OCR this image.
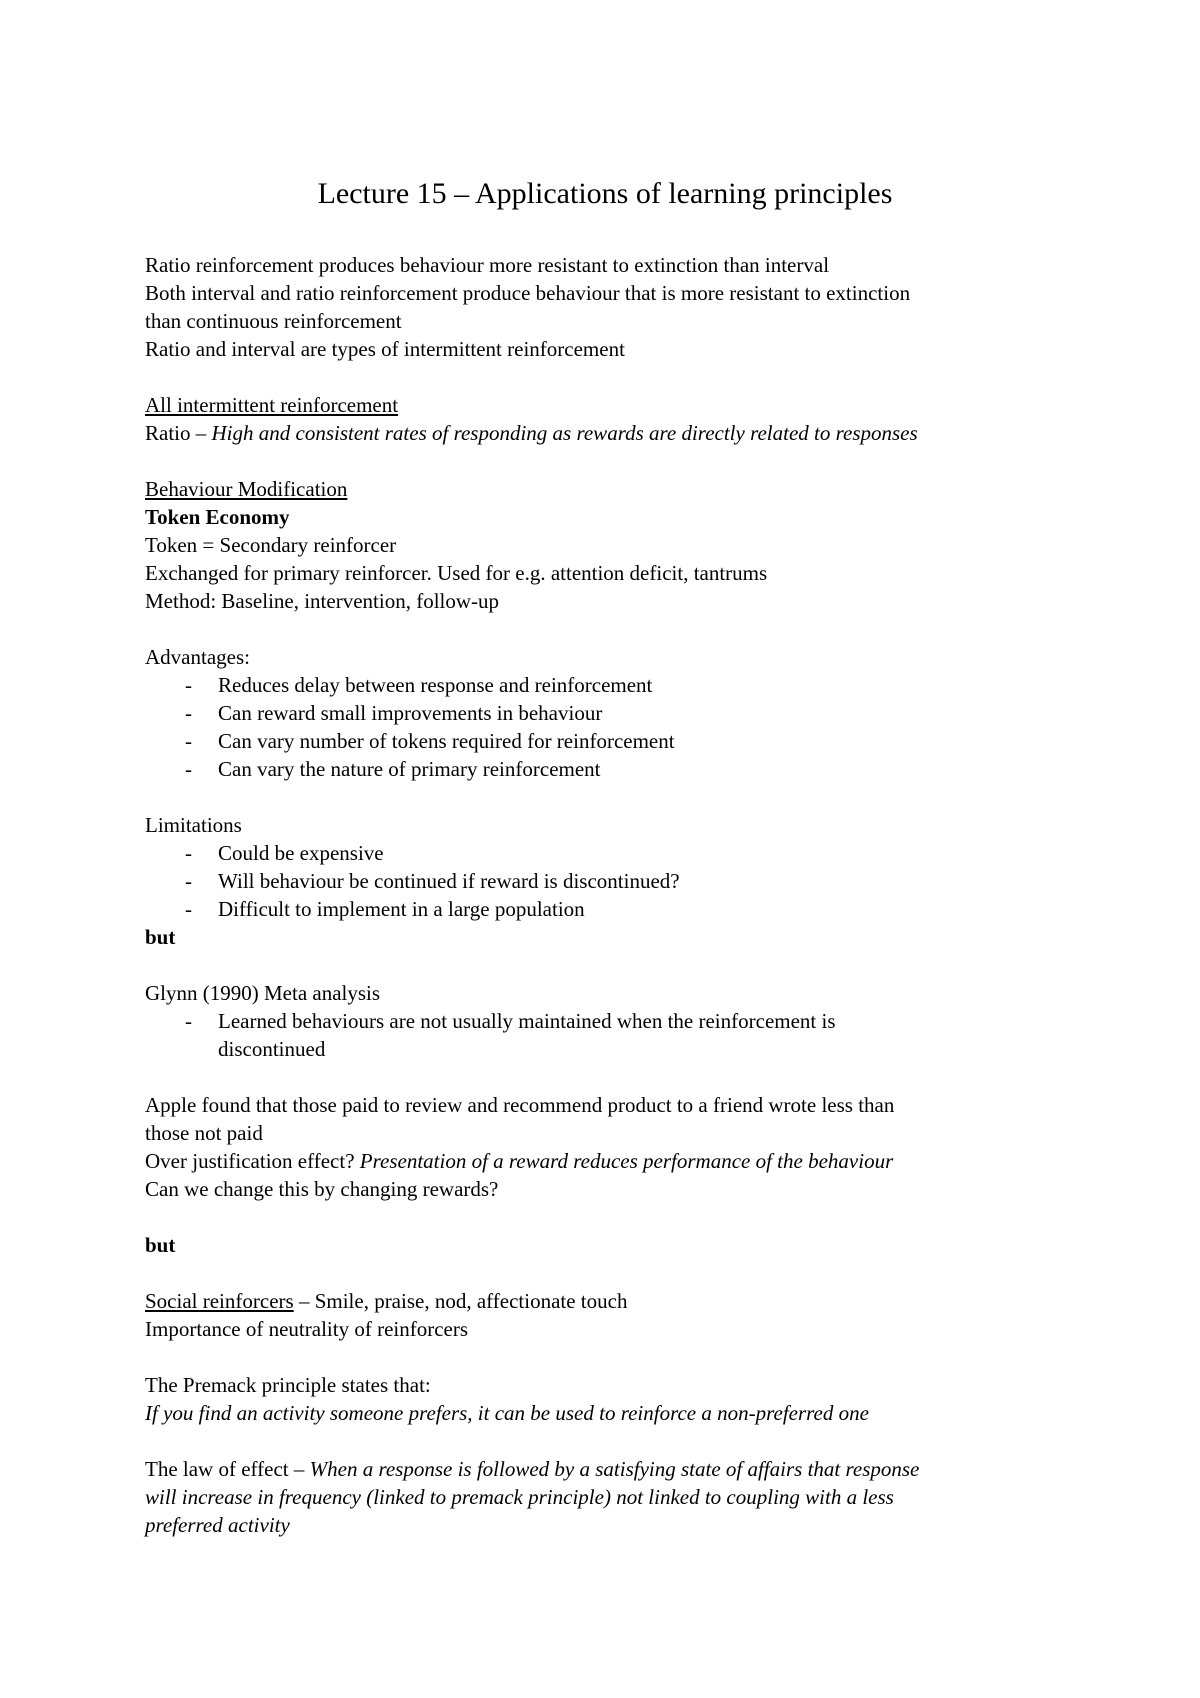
Lecture 15 – Applications of learning principles
Ratio reinforcement produces behaviour more resistant to extinction than interval
Both interval and ratio reinforcement produce behaviour that is more resistant to extinction
than continuous reinforcement
Ratio and interval are types of intermittent reinforcement
All intermittent reinforcement
Ratio – High and consistent rates of responding as rewards are directly related to responses
Behaviour Modification
Token Economy
Token = Secondary reinforcer
Exchanged for primary reinforcer. Used for e.g. attention deficit, tantrums
Method: Baseline, intervention, follow-up
Advantages:
- Reduces delay between response and reinforcement
- Can reward small improvements in behaviour
- Can vary number of tokens required for reinforcement
- Can vary the nature of primary reinforcement
Limitations
- Could be expensive
- Will behaviour be continued if reward is discontinued?
- Difficult to implement in a large population
but
Glynn (1990) Meta analysis
- Learned behaviours are not usually maintained when the reinforcement is
discontinued
Apple found that those paid to review and recommend product to a friend wrote less than
those not paid
Over justification effect? Presentation of a reward reduces performance of the behaviour
Can we change this by changing rewards?
but
Social reinforcers – Smile, praise, nod, affectionate touch
Importance of neutrality of reinforcers
The Premack principle states that:
If you find an activity someone prefers, it can be used to reinforce a non-preferred one
The law of effect – When a response is followed by a satisfying state of affairs that response
will increase in frequency (linked to premack principle) not linked to coupling with a less
preferred activity
